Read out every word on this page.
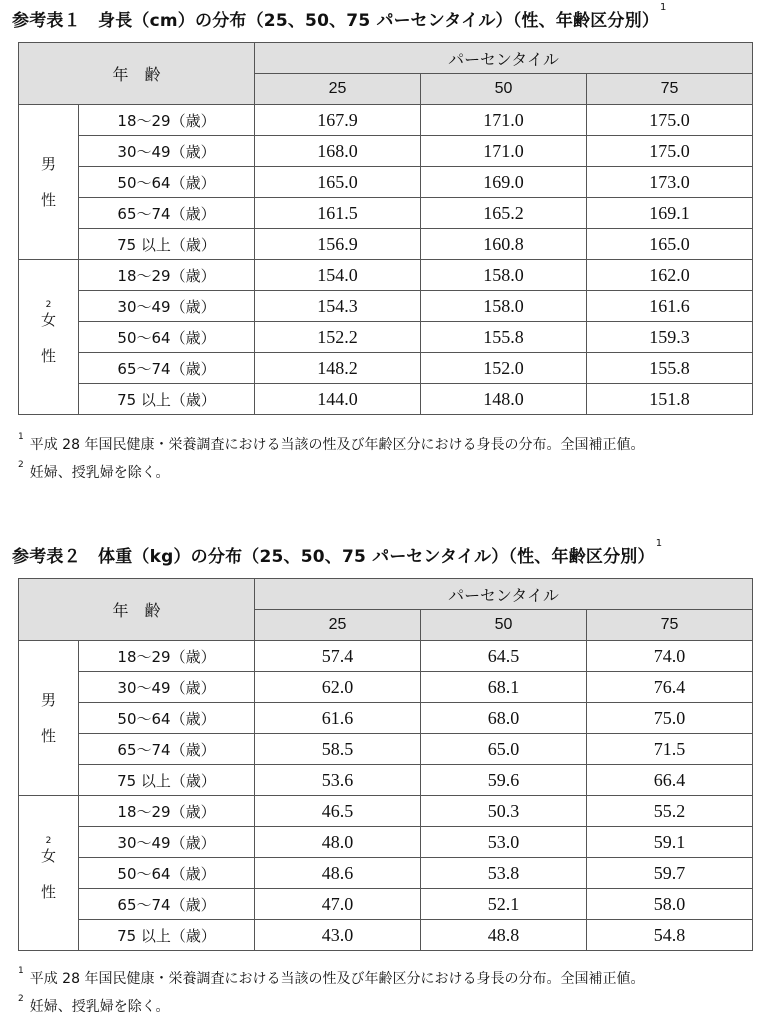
参考表１　身長（cm）の分布（25、50、75 パーセンタイル）（性、年齢区分別）$^1$
年　齢		パーセンタイル		
		25	50	75

男
性	18〜29（歳）	167.9	171.0	175.0
	30〜49（歳）	168.0	171.0	175.0
	50〜64（歳）	165.0	169.0	173.0
	65〜74（歳）	161.5	165.2	169.1
	75 以上（歳）	156.9	160.8	165.0

2
女
性	18〜29（歳）	154.0	158.0	162.0
	30〜49（歳）	154.3	158.0	161.6
	50〜64（歳）	152.2	155.8	159.3
	65〜74（歳）	148.2	152.0	155.8
	75 以上（歳）	144.0	148.0	151.8
$^1$ 平成 28 年国民健康・栄養調査における当該の性及び年齢区分における身長の分布。全国補正値。
$^2$ 妊婦、授乳婦を除く。
参考表２　体重（kg）の分布（25、50、75 パーセンタイル）（性、年齢区分別）$^1$
年　齢		パーセンタイル		
		25	50	75

男
性	18〜29（歳）	57.4	64.5	74.0
	30〜49（歳）	62.0	68.1	76.4
	50〜64（歳）	61.6	68.0	75.0
	65〜74（歳）	58.5	65.0	71.5
	75 以上（歳）	53.6	59.6	66.4

2
女
性	18〜29（歳）	46.5	50.3	55.2
	30〜49（歳）	48.0	53.0	59.1
	50〜64（歳）	48.6	53.8	59.7
	65〜74（歳）	47.0	52.1	58.0
	75 以上（歳）	43.0	48.8	54.8
$^1$ 平成 28 年国民健康・栄養調査における当該の性及び年齢区分における身長の分布。全国補正値。
$^2$ 妊婦、授乳婦を除く。
